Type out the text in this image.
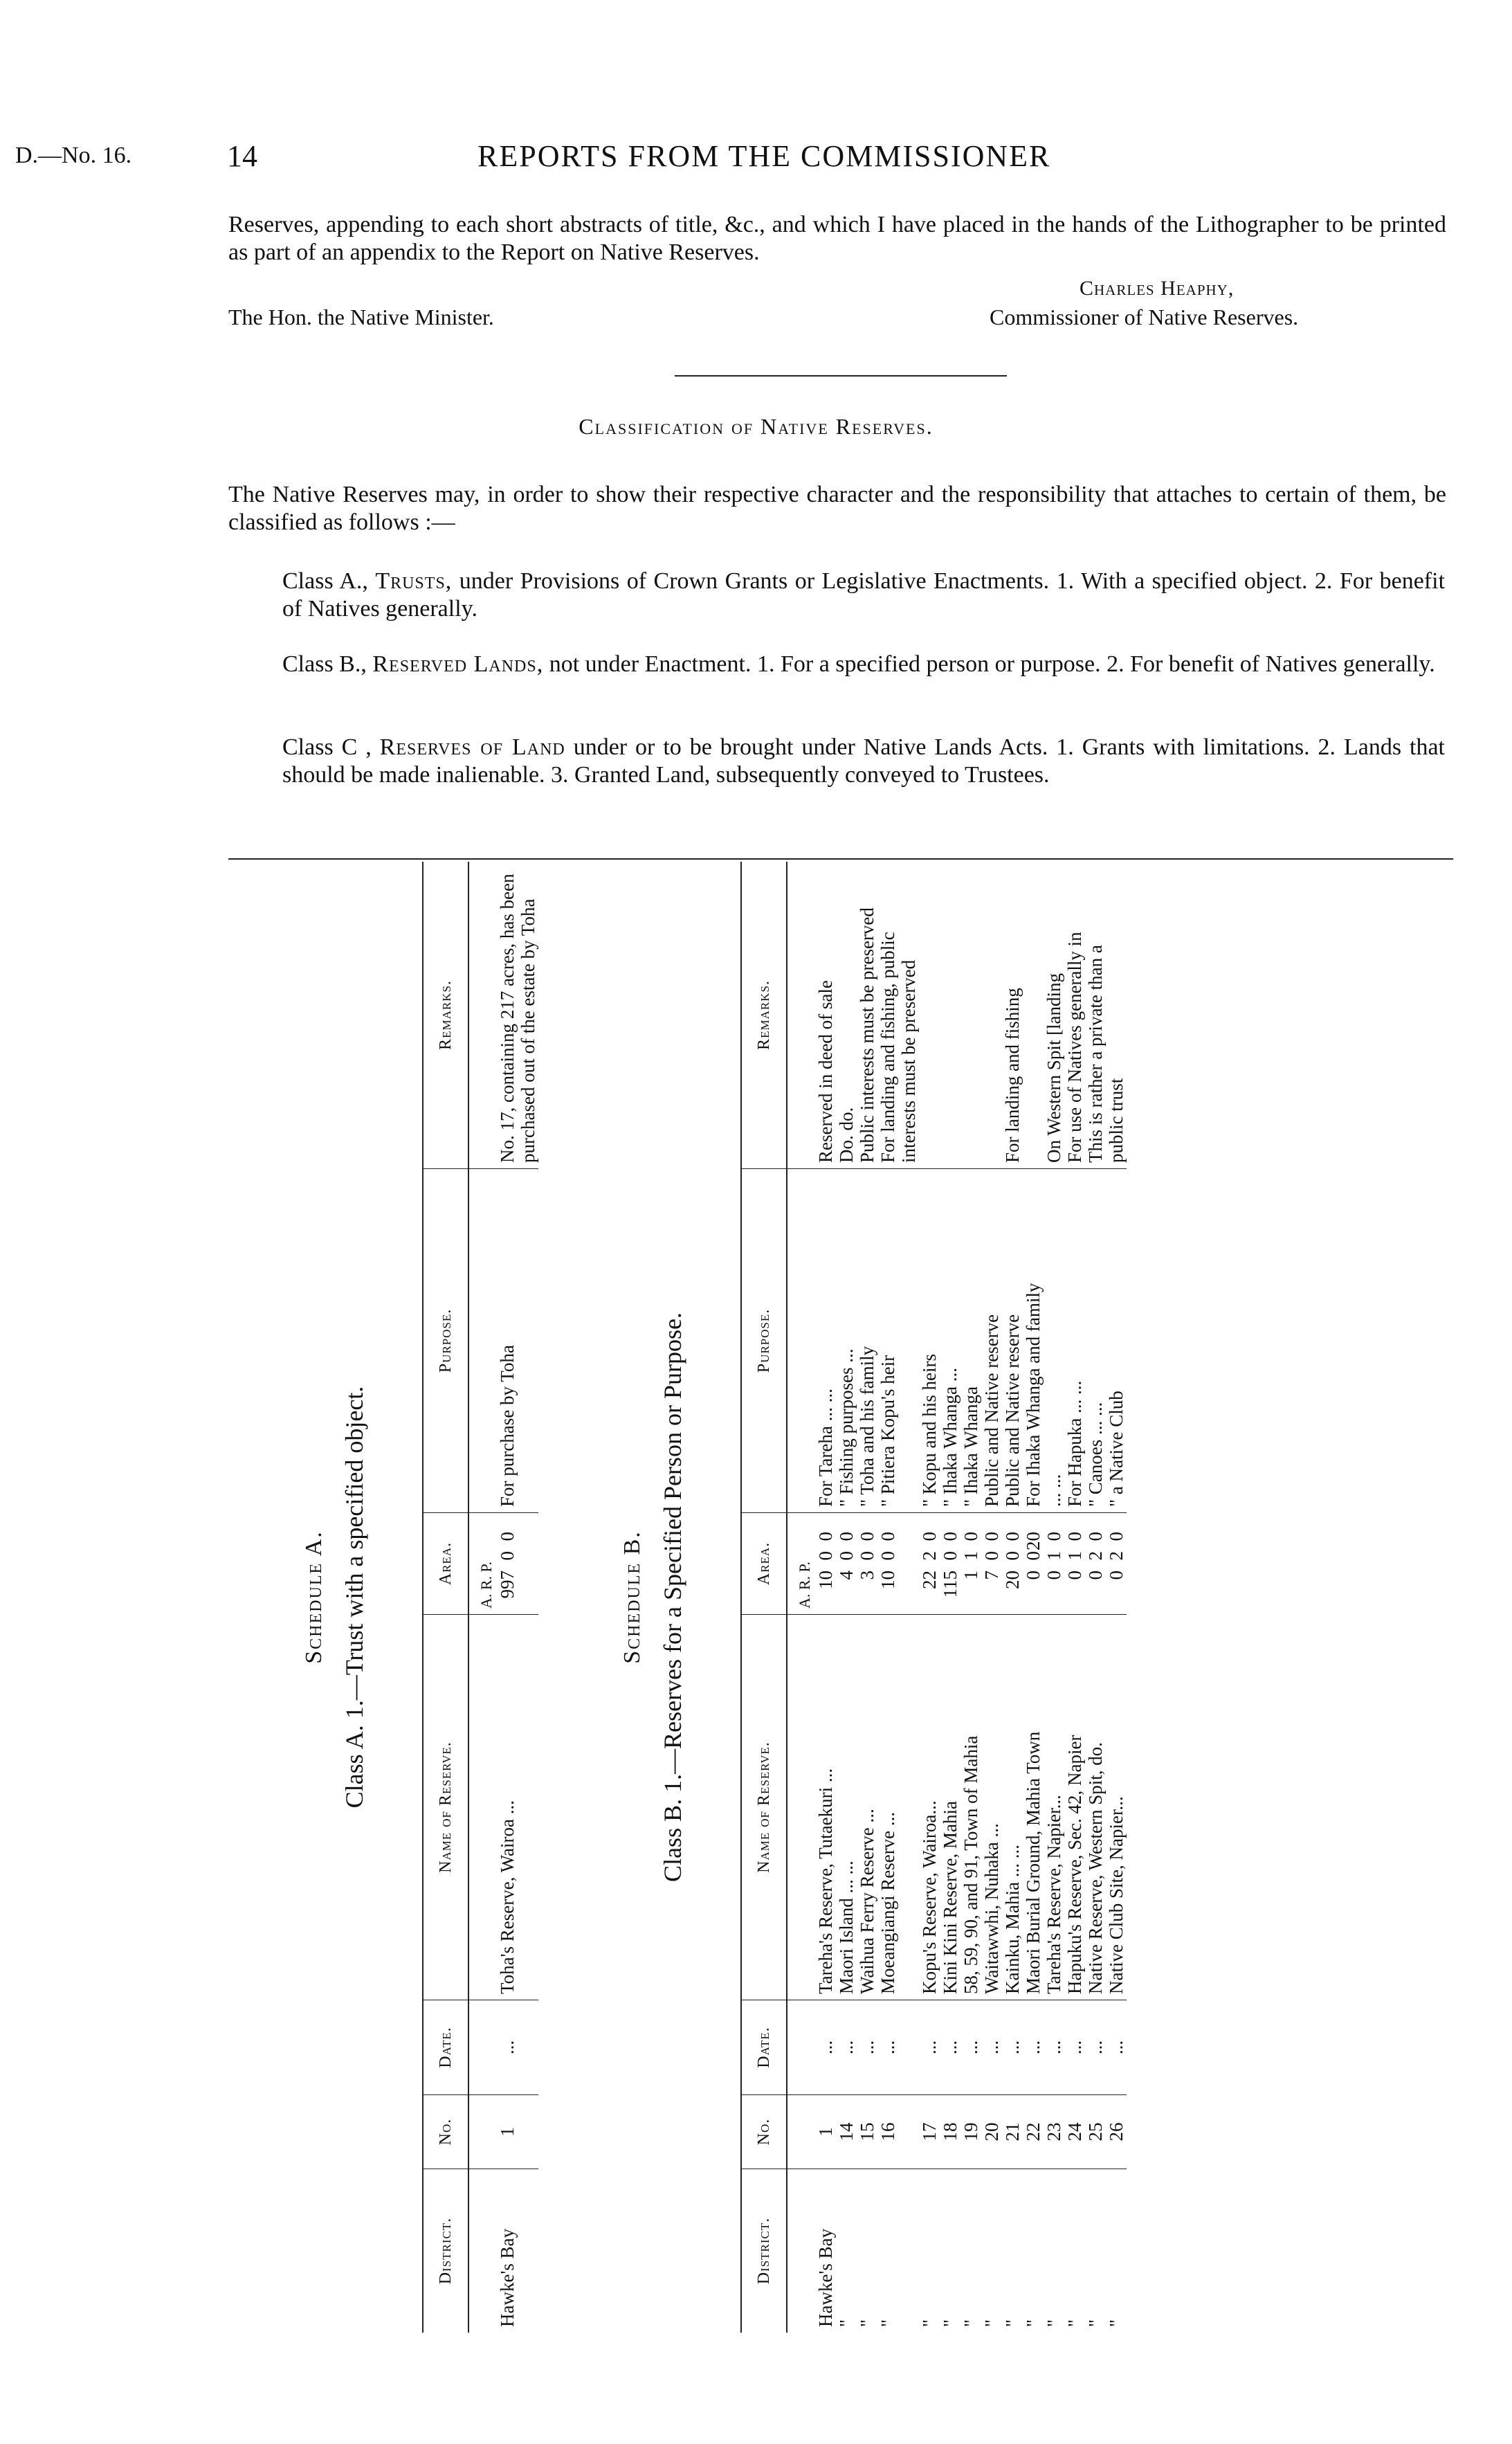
D.—No. 16.	14	REPORTS FROM THE COMMISSIONER
Reserves, appending to each short abstracts of title, &c., and which I have placed in the hands of the Lithographer to be printed as part of an appendix to the Report on Native Reserves.
Charles Heaphy,
The Hon. the Native Minister.	Commissioner of Native Reserves.
Classification of Native Reserves.
The Native Reserves may, in order to show their respective character and the responsibility that attaches to certain of them, be classified as follows :—
Class A., Trusts, under Provisions of Crown Grants or Legislative Enactments. 1. With a specified object. 2. For benefit of Natives generally.
Class B., Reserved Lands, not under Enactment. 1. For a specified person or purpose. 2. For benefit of Natives generally.
Class C , Reserves of Land under or to be brought under Native Lands Acts. 1. Grants with limitations. 2. Lands that should be made inalienable. 3. Granted Land, subsequently conveyed to Trustees.
Schedule A. Class A. 1.—Trust with a specified object.
District.	No.	Date.	Name of Reserve.	Area.	Purpose.	Remarks.
				A. R. P.		
Hawke's Bay	1	...	Toha's Reserve, Wairoa ...	99700	For purchase by Toha	No. 17, containing 217 acres, has been purchased out of the estate by Toha
Schedule B. Class B. 1.—Reserves for a Specified Person or Purpose.
District.	No.	Date.	Name of Reserve.	Area.	Purpose.	Remarks.
				A. R. P.		
Hawke's Bay	1	...	Tareha's Reserve, Tutaekuri ...	1000	For Tareha ... ...	Reserved in deed of sale
"	14	...	Maori Island ... ...	400	" Fishing purposes ...	Do. do.
"	15	...	Waihua Ferry Reserve ...	300	" Toha and his family	Public interests must be preserved
"	16	...	Moeangiangi Reserve ...	1000	" Pitiera Kopu's heir	For landing and fishing, public interests must be preserved
"	17	...	Kopu's Reserve, Wairoa...	2220	" Kopu and his heirs	
"	18	...	Kini Kini Reserve, Mahia	11500	" Ihaka Whanga ...	
"	19	...	58, 59, 90, and 91, Town of Mahia	110	" Ihaka Whanga	
"	20	...	Waitawwhi, Nuhaka ...	700	Public and Native reserve	
"	21	...	Kainku, Mahia ... ...	2000	Public and Native reserve	For landing and fishing
"	22	...	Maori Burial Ground, Mahia Town	0020	For Ihaka Whanga and family	
"	23	...	Tareha's Reserve, Napier...	010	... ...	On Western Spit [landing
"	24	...	Hapuku's Reserve, Sec. 42, Napier	010	For Hapuka ... ...	For use of Natives generally in
"	25	...	Native Reserve, Western Spit, do.	020	" Canoes ... ...	This is rather a private than a
"	26	...	Native Club Site, Napier...	020	" a Native Club	public trust
